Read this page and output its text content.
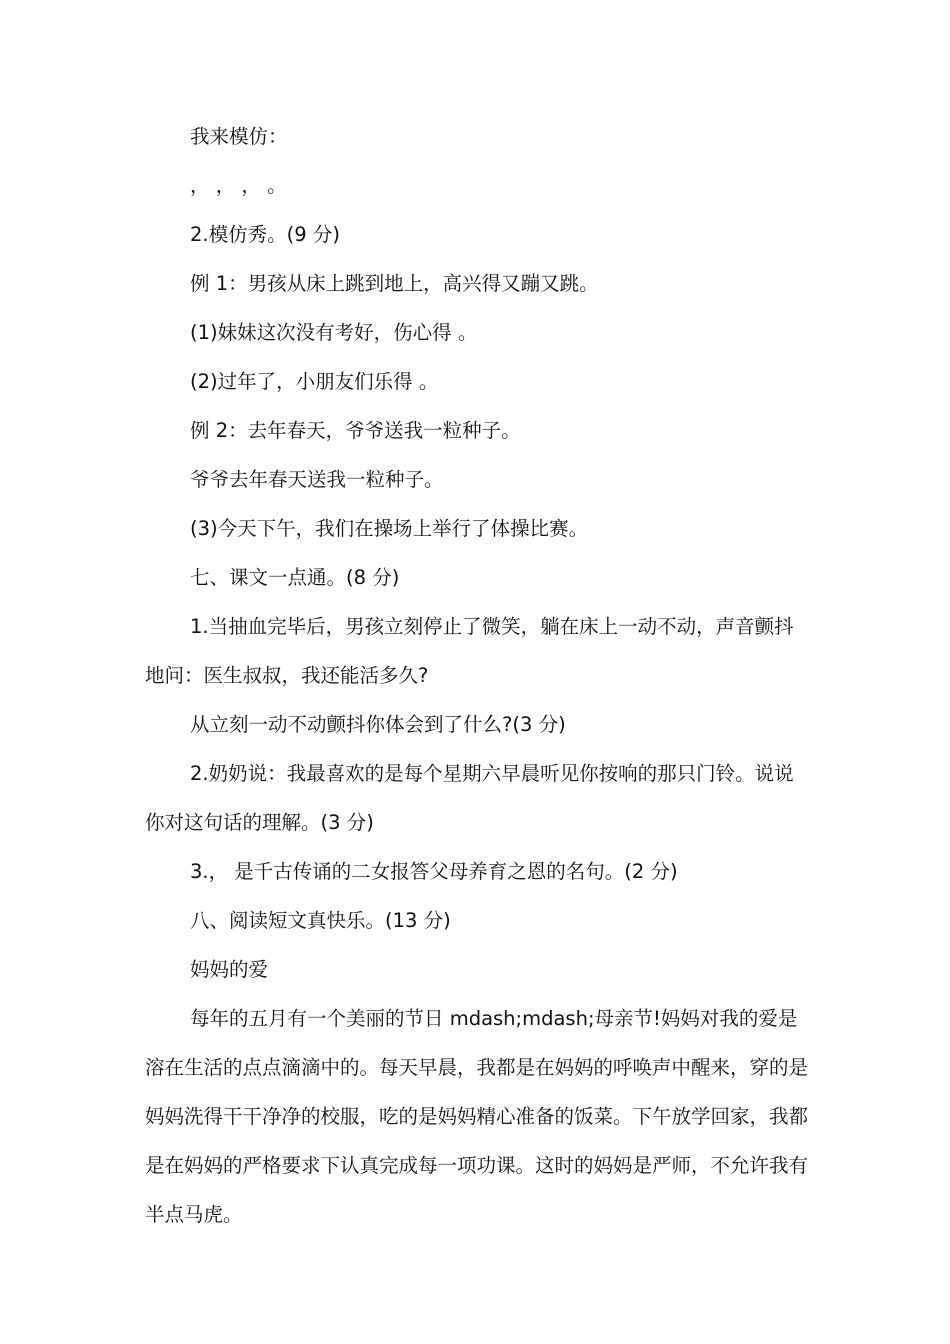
我来模仿：

， ， ， 。

2.模仿秀。(9 分)

例 1：男孩从床上跳到地上，高兴得又蹦又跳。

(1)妹妹这次没有考好，伤心得 。

(2)过年了，小朋友们乐得 。

例 2：去年春天，爷爷送我一粒种子。

爷爷去年春天送我一粒种子。

(3)今天下午，我们在操场上举行了体操比赛。

七、课文一点通。(8 分)

1.当抽血完毕后，男孩立刻停止了微笑，躺在床上一动不动，声音颤抖地问：医生叔叔，我还能活多久?

从立刻一动不动颤抖你体会到了什么?(3 分)

2.奶奶说：我最喜欢的是每个星期六早晨听见你按响的那只门铃。说说你对这句话的理解。(3 分)

3.， 是千古传诵的二女报答父母养育之恩的名句。(2 分)

八、阅读短文真快乐。(13 分)

妈妈的爱

每年的五月有一个美丽的节日 mdash;mdash;母亲节!妈妈对我的爱是溶在生活的点点滴滴中的。每天早晨，我都是在妈妈的呼唤声中醒来，穿的是妈妈洗得干干净净的校服，吃的是妈妈精心准备的饭菜。下午放学回家，我都是在妈妈的严格要求下认真完成每一项功课。这时的妈妈是严师，不允许我有半点马虎。
